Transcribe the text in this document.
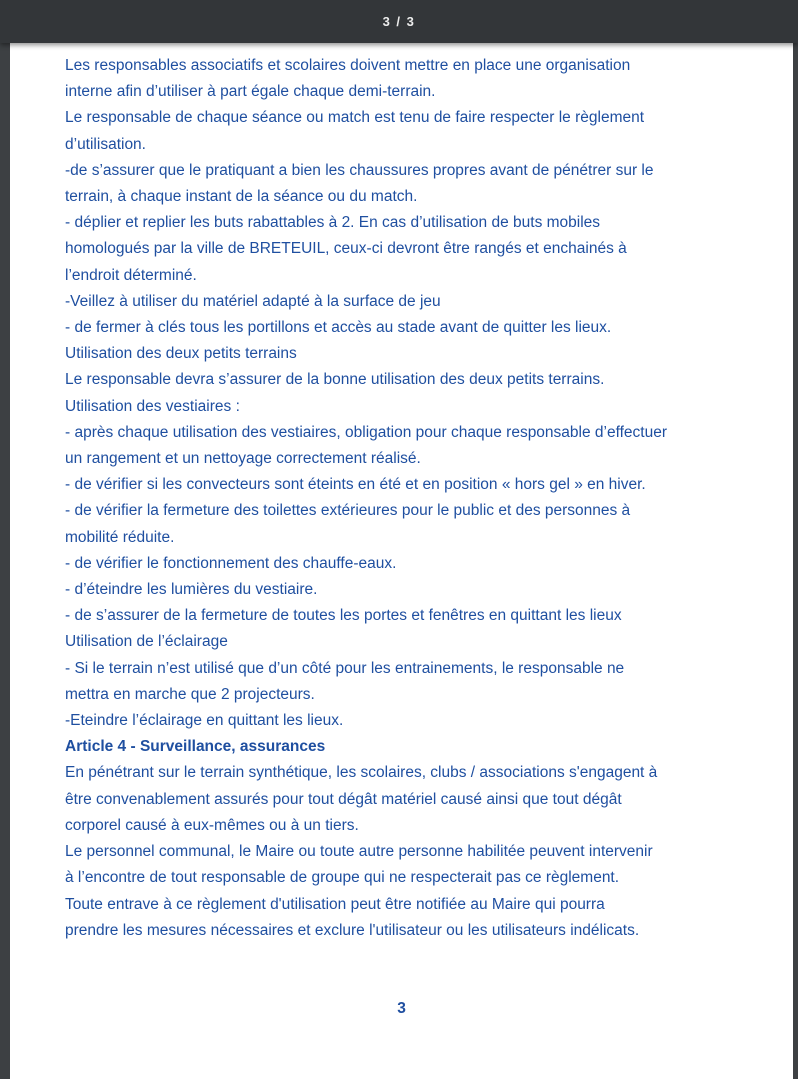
3 / 3
Les responsables associatifs et scolaires doivent mettre en place une organisation
interne afin d’utiliser à part égale chaque demi-terrain.
Le responsable de chaque séance ou match est tenu de faire respecter le règlement
d’utilisation.
-de s’assurer que le pratiquant a bien les chaussures propres avant de pénétrer sur le
terrain, à chaque instant de la séance ou du match.
- déplier et replier les buts rabattables à 2. En cas d’utilisation de buts mobiles
homologués par la ville de BRETEUIL, ceux-ci devront être rangés et enchainés à
l’endroit déterminé.
-Veillez à utiliser du matériel adapté à la surface de jeu
- de fermer à clés tous les portillons et accès au stade avant de quitter les lieux.
Utilisation des deux petits terrains
Le responsable devra s’assurer de la bonne utilisation des deux petits terrains.
Utilisation des vestiaires :
- après chaque utilisation des vestiaires, obligation pour chaque responsable d’effectuer
un rangement et un nettoyage correctement réalisé.
- de vérifier si les convecteurs sont éteints en été et en position « hors gel » en hiver.
- de vérifier la fermeture des toilettes extérieures pour le public et des personnes à
mobilité réduite.
- de vérifier le fonctionnement des chauffe-eaux.
- d’éteindre les lumières du vestiaire.
- de s’assurer de la fermeture de toutes les portes et fenêtres en quittant les lieux
Utilisation de l’éclairage
- Si le terrain n’est utilisé que d’un côté pour les entrainements, le responsable ne
mettra en marche que 2 projecteurs.
-Eteindre l’éclairage en quittant les lieux.
Article 4 - Surveillance, assurances
En pénétrant sur le terrain synthétique, les scolaires, clubs / associations s'engagent à
être convenablement assurés pour tout dégât matériel causé ainsi que tout dégât
corporel causé à eux-mêmes ou à un tiers.
Le personnel communal, le Maire ou toute autre personne habilitée peuvent intervenir
à l’encontre de tout responsable de groupe qui ne respecterait pas ce règlement.
Toute entrave à ce règlement d'utilisation peut être notifiée au Maire qui pourra
prendre les mesures nécessaires et exclure l'utilisateur ou les utilisateurs indélicats.
3
